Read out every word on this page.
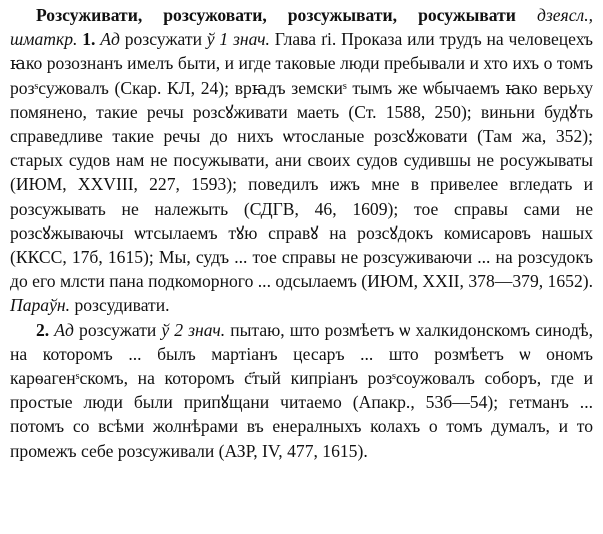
Розсуживати, розсужовати, розсужывати, росужывати дзеясл., шматкр. 1. Ад розсужати ў 1 знач. Глава ґі. Проказа или трудъ на человецехъ ꙗко розознанъ имелъ быти, и игде таковые люди пребывали и хто ихъ о томъ розˢсужовалъ (Скар. КЛ, 24); врꙗдъ земскиˢ тымъ же ѡбычаемъ ꙗко верьху помянено, такие речы розсꙋживати маеть (Ст. 1588, 250); виньни будꙋть справедливе такие речы до нихъ ѡтосланые розсꙋжовати (Там жа, 352); старых судов нам не посужывати, ани своих судов судившы не росужываты (ИЮМ, XXVIII, 227, 1593); поведилъ ижъ мне в привелее вгледать и розсужывать не належыть (СДГВ, 46, 1609); тое справы сами не розсꙋжываючы ѡтсылаемъ тꙋю справꙋ на розсꙋдокъ комисаровъ нашых (ККСС, 17б, 1615); Мы, судъ ... тое справы не розсуживаючи ... на розсудокъ до его млсти пана подкоморного ... одсылаемъ (ИЮМ, XXII, 378—379, 1652). Параўн. розсудивати.

2. Ад розсужати ў 2 знач. пытаю, што розмѣетъ ѡ халкидонскомъ синодѣ, на которомъ ... былъ мартіанъ цесаръ ... што розмѣетъ ѡ ономъ карѳагенˢскомъ, на которомъ с҃тый кипріанъ розˢсоужовалъ соборъ, где и простые люди были припꙋщани читаемо (Апакр., 53б—54); гетманъ ... потомъ со всѣми жолнѣрами въ енералныхъ колахъ о томъ думалъ, и то промежъ себе розсуживали (АЗР, IV, 477, 1615).
